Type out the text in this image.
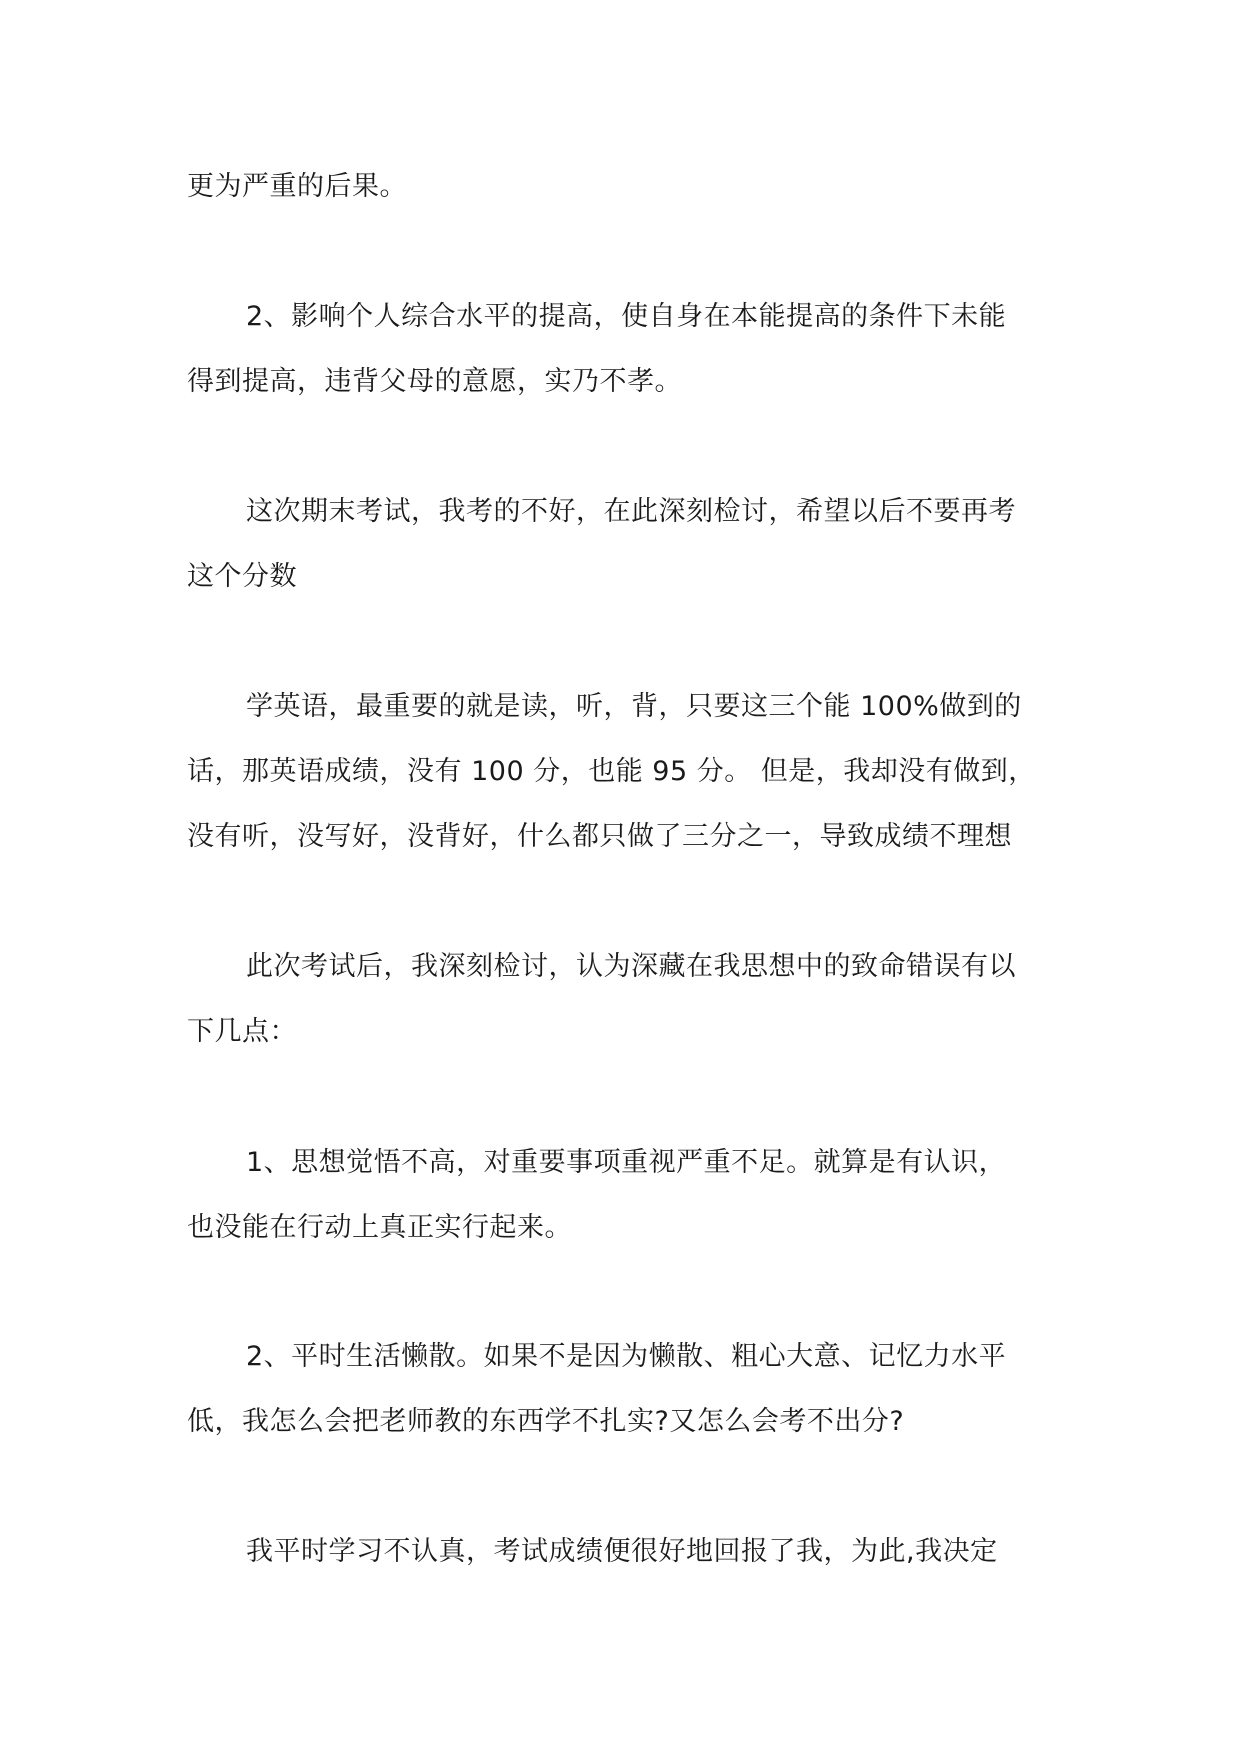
更为严重的后果。

2、影响个人综合水平的提高，使自身在本能提高的条件下未能
得到提高，违背父母的意愿，实乃不孝。

这次期末考试，我考的不好，在此深刻检讨，希望以后不要再考
这个分数

学英语，最重要的就是读，听，背，只要这三个能 100%做到的
话，那英语成绩，没有 100 分，也能 95 分。 但是，我却没有做到，
没有听，没写好，没背好，什么都只做了三分之一，导致成绩不理想

此次考试后，我深刻检讨，认为深藏在我思想中的致命错误有以
下几点：

1、思想觉悟不高，对重要事项重视严重不足。就算是有认识，
也没能在行动上真正实行起来。

2、平时生活懒散。如果不是因为懒散、粗心大意、记忆力水平
低，我怎么会把老师教的东西学不扎实?又怎么会考不出分?

我平时学习不认真，考试成绩便很好地回报了我，为此,我决定
